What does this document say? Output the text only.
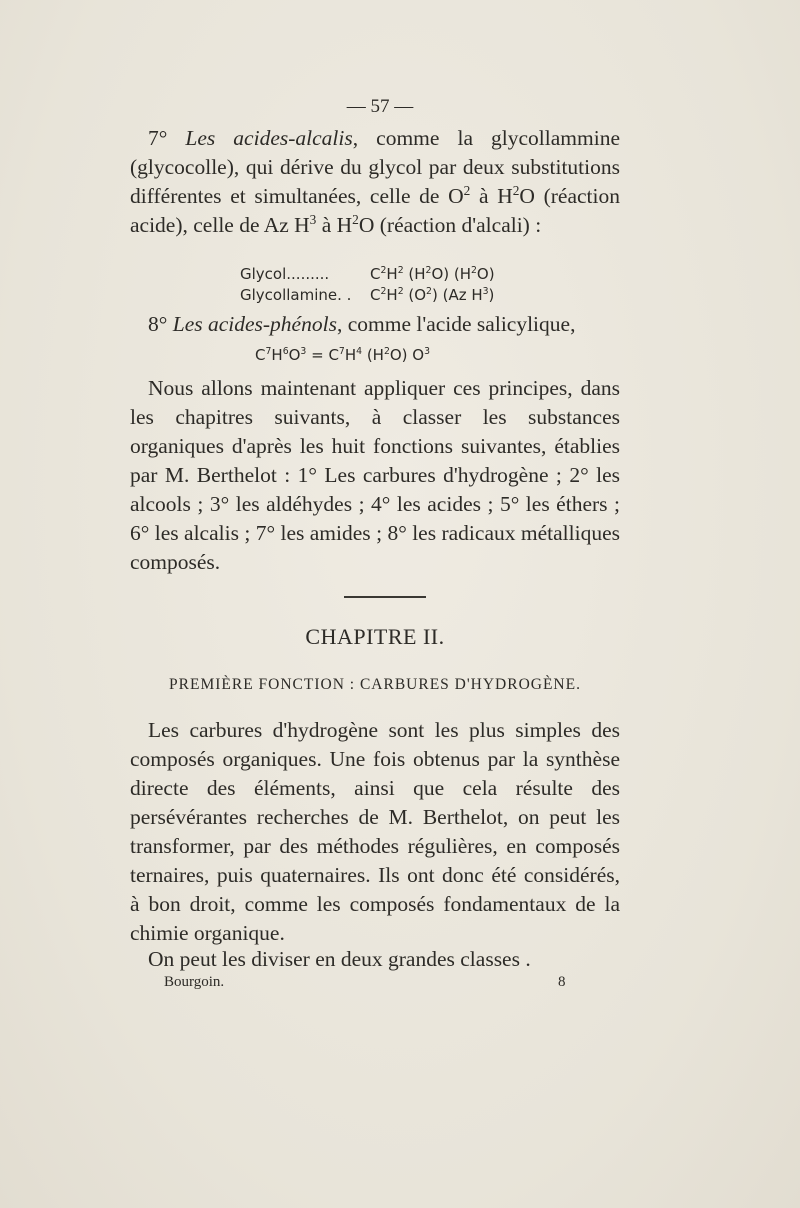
— 57 —

7° Les acides-alcalis, comme la glycollammine (glycocolle), qui dérive du glycol par deux substitutions différentes et simultanées, celle de $O^2$ à $H^2O$ (réaction acide), celle de Az $H^3$ à $H^2O$ (réaction d'alcali) :

Glycol.........	$C^2H^2$ $(H^2O)$ $(H^2O)$

Glycollamine. . $C^2H^2$ $(O^2)$ (Az $H^3$)

8° Les acides-phénols, comme l'acide salicylique,

$C^7H^6O^3 = C^7H^4$ $(H^2O)$ $O^3$

Nous allons maintenant appliquer ces principes, dans les chapitres suivants, à classer les substances organiques d'après les huit fonctions suivantes, établies par M. Berthelot : 1° Les carbures d'hydrogène ; 2° les alcools ; 3° les aldéhydes ; 4° les acides ; 5° les éthers ; 6° les alcalis ; 7° les amides ; 8° les radicaux métalliques composés.

CHAPITRE II.
PREMIÈRE FONCTION : CARBURES D'HYDROGÈNE.

Les carbures d'hydrogène sont les plus simples des composés organiques. Une fois obtenus par la synthèse directe des éléments, ainsi que cela résulte des persévérantes recherches de M. Berthelot, on peut les transformer, par des méthodes régulières, en composés ternaires, puis quaternaires. Ils ont donc été considérés, à bon droit, comme les composés fondamentaux de la chimie organique.

On peut les diviser en deux grandes classes .

Bourgoin.	8
